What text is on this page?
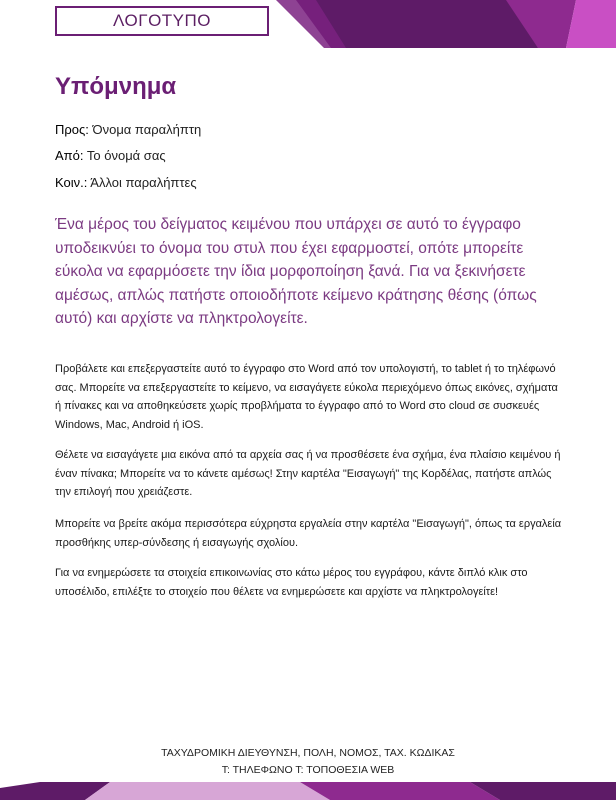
ΛΟΓΟΤΥΠΟ
Υπόμνημα
Προς: Όνομα παραλήπτη
Από: Το όνομά σας
Κοιν.: Άλλοι παραλήπτες

Ένα μέρος του δείγματος κειμένου που υπάρχει σε αυτό το έγγραφο υποδεικνύει το όνομα του στυλ που έχει εφαρμοστεί, οπότε μπορείτε εύκολα να εφαρμόσετε την ίδια μορφοποίηση ξανά. Για να ξεκινήσετε αμέσως, απλώς πατήστε οποιοδήποτε κείμενο κράτησης θέσης (όπως αυτό) και αρχίστε να πληκτρολογείτε.

Προβάλετε και επεξεργαστείτε αυτό το έγγραφο στο Word από τον υπολογιστή, το tablet ή το τηλέφωνό σας. Μπορείτε να επεξεργαστείτε το κείμενο, να εισαγάγετε εύκολα περιεχόμενο όπως εικόνες, σχήματα ή πίνακες και να αποθηκεύσετε χωρίς προβλήματα το έγγραφο από το Word στο cloud σε συσκευές Windows, Mac, Android ή iOS.

Θέλετε να εισαγάγετε μια εικόνα από τα αρχεία σας ή να προσθέσετε ένα σχήμα, ένα πλαίσιο κειμένου ή έναν πίνακα; Μπορείτε να το κάνετε αμέσως! Στην καρτέλα "Εισαγωγή" της Κορδέλας, πατήστε απλώς την επιλογή που χρειάζεστε.

Μπορείτε να βρείτε ακόμα περισσότερα εύχρηστα εργαλεία στην καρτέλα "Εισαγωγή", όπως τα εργαλεία προσθήκης υπερ-σύνδεσης ή εισαγωγής σχολίου.

Για να ενημερώσετε τα στοιχεία επικοινωνίας στο κάτω μέρος του εγγράφου, κάντε διπλό κλικ στο υποσέλιδο, επιλέξτε το στοιχείο που θέλετε να ενημερώσετε και αρχίστε να πληκτρολογείτε!

ΤΑΧΥΔΡΟΜΙΚΗ ΔΙΕΥΘΥΝΣΗ, ΠΟΛΗ, ΝΟΜΟΣ, ΤΑΧ. ΚΩΔΙΚΑΣ
Τ: ΤΗΛΕΦΩΝΟ Τ: ΤΟΠΟΘΕΣΙΑ WEB
